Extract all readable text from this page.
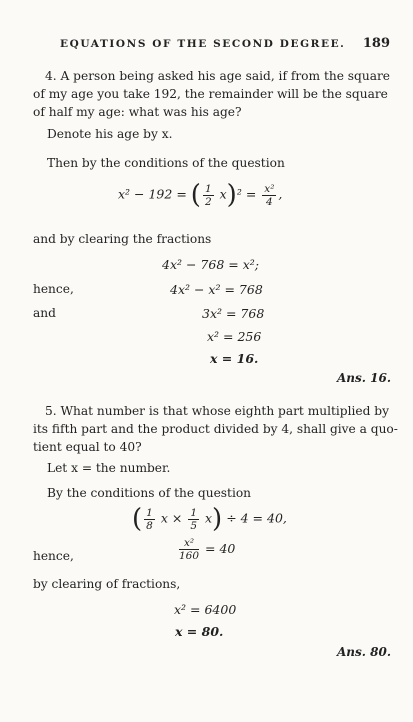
EQUATIONS OF THE SECOND DEGREE. 189
4. A person being asked his age said, if from the square
of my age you take 192, the remainder will be the square
of half my age: what was his age?
Denote his age by x.
Then by the conditions of the question
x² − 192 = ( $\frac{1}{2} x)^2 = \frac{\text{x²}}{4}$ ,
and by clearing the fractions
4x² − 768 = x²;
hence,	4x² − x² = 768
and	3x² = 768
x² = 256
x = 16.
Ans. 16.
5. What number is that whose eighth part multiplied by
its fifth part and the product divided by 4, shall give a quo-
tient equal to 40?
Let x = the number.
By the conditions of the question
( $\frac{1}{8}$ $x \times \frac{1}{5} x) \div 4 = 40$,
hence,	$\frac{\text{x²}}{160} = 40$
by clearing of fractions,
x² = 6400
x = 80.
Ans. 80.
